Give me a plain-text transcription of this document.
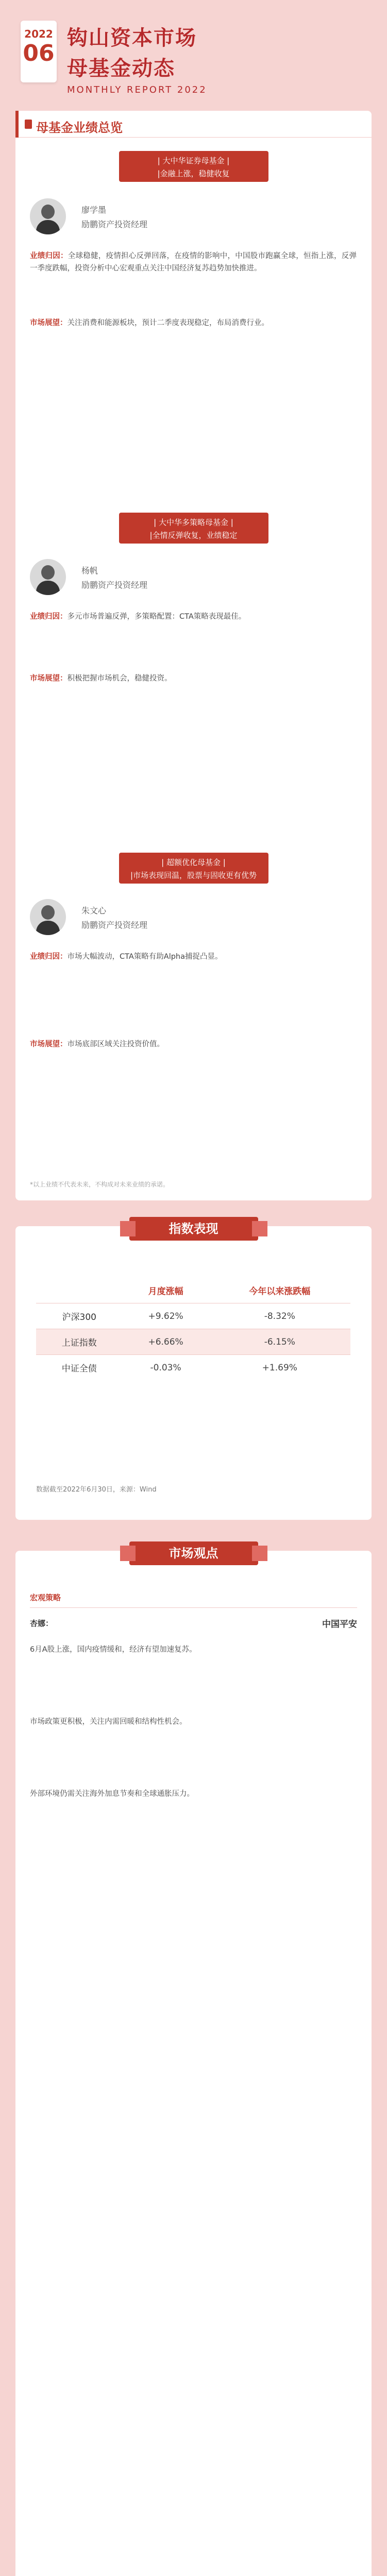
2022
06
钩山资本市场
母基金动态
MONTHLY REPORT 2022
母基金业绩总览
| 大中华证券母基金 |
|金融上涨，稳健收复
廖学墨
励鹏资产投资经理
业绩归因：全球稳健，疫情担心反弹回落，在疫情的影响中，中国股市跑赢全球，恒指上涨，反弹一季度跌幅，投资分析中心宏观重点关注中国经济复苏趋势加快推进。
市场展望：关注消费和能源板块，预计二季度表现稳定，布局消费行业。
| 大中华多策略母基金 |
|全情反弹收复，业绩稳定
杨帆
励鹏资产投资经理
业绩归因：多元市场普遍反弹，多策略配置：CTA策略表现最佳。
市场展望：积极把握市场机会，稳健投资。
| 超额优化母基金 |
|市场表现回温，股票与固收更有优势
朱文心
励鹏资产投资经理
业绩归因：市场大幅波动，CTA策略有助Alpha捕捉凸显。
市场展望：市场底部区域关注投资价值。
*以上业绩不代表未来，不构成对未来业绩的承诺。
指数表现
	月度涨幅	今年以来涨跌幅
沪深300	+9.62%	-8.32%
上证指数	+6.66%	-6.15%
中证全债	-0.03%	+1.69%
数据截至2022年6月30日，来源：Wind
市场观点
宏观策略
杏娜：	中国平安
6月A股上涨，国内疫情缓和，经济有望加速复苏。
市场政策更积极，关注内需回暖和结构性机会。
外部环境仍需关注海外加息节奏和全球通胀压力。
